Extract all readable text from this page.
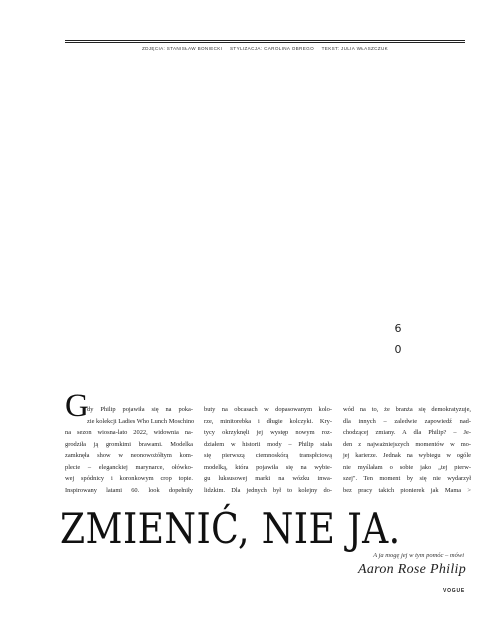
ZDJĘCIA: STANISŁAW BONIECKI STYLIZACJA: CAROLINA OBREGO TEKST: JULIA WŁASZCZUK
6
0
G
dy Philip pojawiła się na poka-
zie kolekcji Ladies Who Lunch Moschino
na sezon wiosna-lato 2022, widownia na-
grodziła ją gromkimi brawami. Modelka
zamknęła show w neonowożółtym kom-
plecie – eleganckiej marynarce, ołówko-
wej spódnicy i koronkowym crop topie.
Inspirowany latami 60. look dopełniły
buty na obcasach w dopasowanym kolo-
rze, minitorebka i długie kolczyki. Kry-
tycy okrzyknęli jej występ nowym roz-
działem w historii mody – Philip stała
się pierwszą ciemnoskórą transpłciową
modelką, która pojawiła się na wybie-
gu luksusowej marki na wózku inwa-
lidzkim. Dla jednych był to kolejny do-
wód na to, że branża się demokratyzuje,
dla innych – zaledwie zapowiedź nad-
chodzącej zmiany. A dla Philip? – Je-
den z najważniejszych momentów w mo-
jej karierze. Jednak na wybiegu w ogóle
nie myślałam o sobie jako „tej pierw-
szej". Ten moment by się nie wydarzył
bez pracy takich pionierek jak Mama >
ZMIENIĆ, NIE JA.
A ja mogę jej w tym pomóc – mówi
Aaron Rose Philip
VOGUE
